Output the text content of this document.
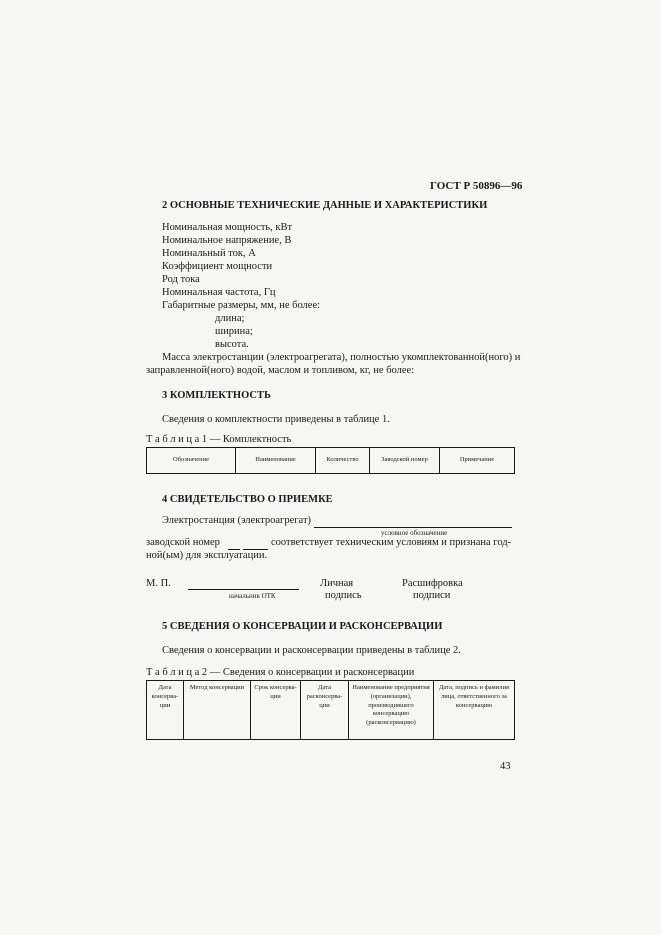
ГОСТ Р 50896—96
2 ОСНОВНЫЕ ТЕХНИЧЕСКИЕ ДАННЫЕ И ХАРАКТЕРИСТИКИ
Номинальная мощность, кВт
Номинальное напряжение, В
Номинальный ток, А
Коэффициент мощности
Род тока
Номинальная частота, Гц
Габаритные размеры, мм, не более:
длина;
ширина;
высота.
Масса электростанции (электроагрегата), полностью укомплектованной(ного) и
заправленной(ного) водой, маслом и топливом, кг, не более:
3 КОМПЛЕКТНОСТЬ
Сведения о комплектности приведены в таблице 1.
Т а б л и ц а 1 — Комплектность
Обозначение	Наименование	Количество	Заводской номер	Примечание
4 СВИДЕТЕЛЬСТВО О ПРИЕМКЕ
Электростанция (электроагрегат)
условное обозначение
заводской номер	соответствует техническим условиям и признана год-
ной(ым) для эксплуатации.
М. П.
начальник ОТК
Личная
подпись
Расшифровка
подписи
5 СВЕДЕНИЯ О КОНСЕРВАЦИИ И РАСКОНСЕРВАЦИИ
Сведения о консервации и расконсервации приведены в таблице 2.
Т а б л и ц а 2 — Сведения о консервации и расконсервации
Дата консерва-ции	Метод консервации	Срок консерва-ции	Дата расконсерва-ции	Наименование предприятия (организации), производившего консервацию (расконсервацию)	Дата, подпись и фамилия лица, ответственного за консервацию
43
